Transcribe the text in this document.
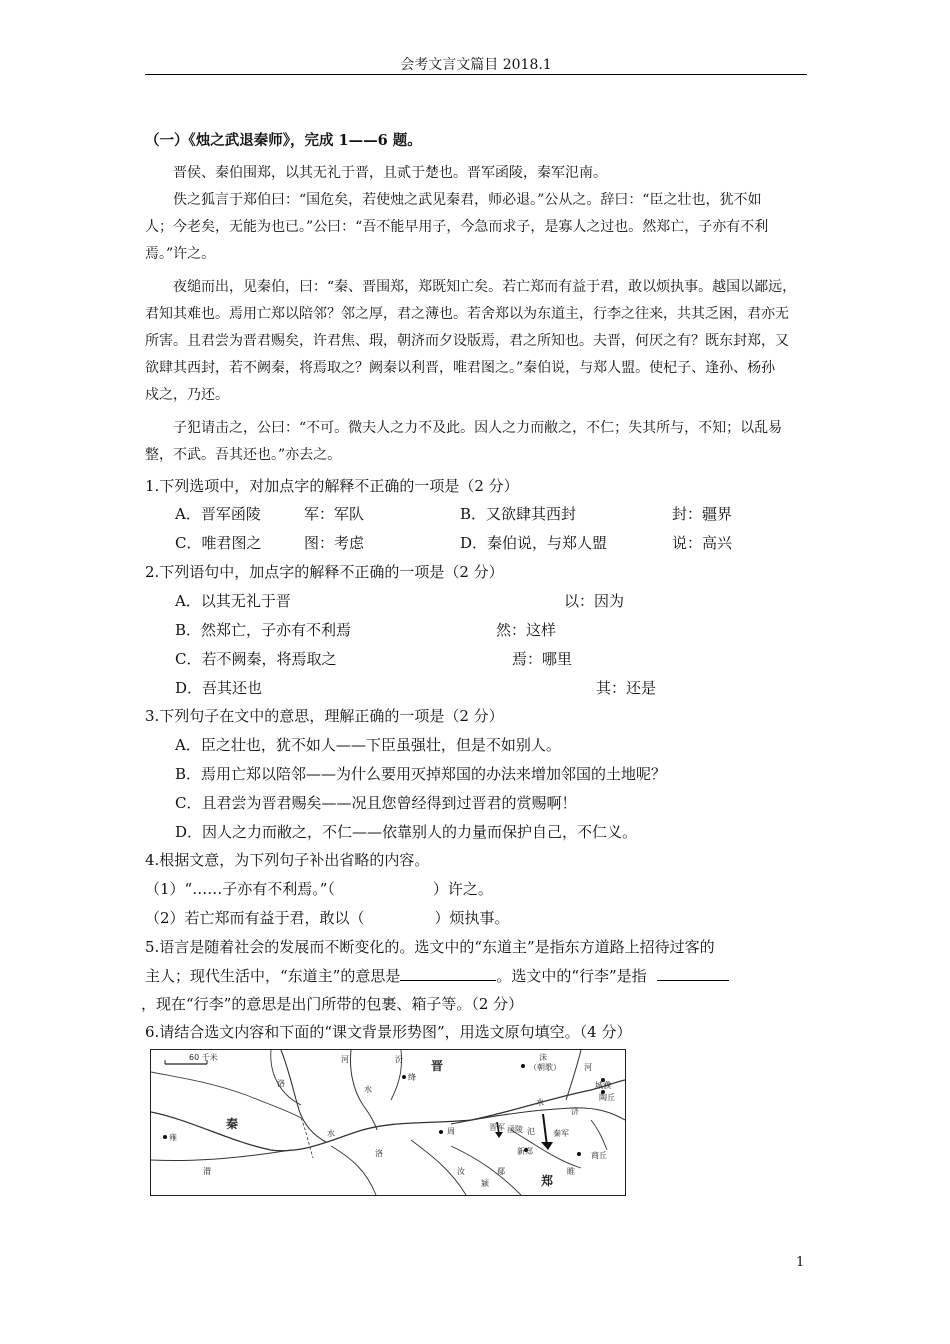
会考文言文篇目 2018.1
（一）《烛之武退秦师》，完成 1——6 题。
晋侯、秦伯围郑，以其无礼于晋，且贰于楚也。晋军函陵，秦军氾南。
佚之狐言于郑伯曰：“国危矣，若使烛之武见秦君，师必退。”公从之。辞曰：“臣之壮也，犹不如
人；今老矣，无能为也已。”公曰：“吾不能早用子，今急而求子，是寡人之过也。然郑亡，子亦有不利
焉。”许之。
夜缒而出，见秦伯，曰：“秦、晋围郑，郑既知亡矣。若亡郑而有益于君，敢以烦执事。越国以鄙远，
君知其难也。焉用亡郑以陪邻？邻之厚，君之薄也。若舍郑以为东道主，行李之往来，共其乏困，君亦无
所害。且君尝为晋君赐矣，许君焦、瑕，朝济而夕设版焉，君之所知也。夫晋，何厌之有？既东封郑，又
欲肆其西封，若不阙秦，将焉取之？阙秦以利晋，唯君图之。”秦伯说，与郑人盟。使杞子、逢孙、杨孙
戍之，乃还。
子犯请击之，公曰：“不可。微夫人之力不及此。因人之力而敝之，不仁；失其所与，不知；以乱易
整，不武。吾其还也。”亦去之。
1.下列选项中，对加点字的解释不正确的一项是（2 分）
A．晋军函陵	军：军队	B．又欲肆其西封	封：疆界
C．唯君图之	图：考虑	D．秦伯说，与郑人盟	说：高兴
2.下列语句中，加点字的解释不正确的一项是（2 分）
A．以其无礼于晋	以：因为
B．然郑亡，子亦有不利焉	然：这样
C．若不阙秦，将焉取之	焉：哪里
D．吾其还也	其：还是
3.下列句子在文中的意思，理解正确的一项是（2 分）
A．臣之壮也，犹不如人——下臣虽强壮，但是不如别人。
B．焉用亡郑以陪邻——为什么要用灭掉郑国的办法来增加邻国的土地呢？
C．且君尝为晋君赐矣——况且您曾经得到过晋君的赏赐啊！
D．因人之力而敝之，不仁——依靠别人的力量而保护自己，不仁义。
4.根据文意，为下列句子补出省略的内容。
（1）“……子亦有不利焉。”（	）许之。
（2）若亡郑而有益于君，敢以（	）烦执事。
5.语言是随着社会的发展而不断变化的。选文中的“东道主”是指东方道路上招待过客的
主人；现代生活中，“东道主”的意思是	。选文中的“行李”是指
，现在“行李”的意思是出门所带的包裹、箱子等。（2 分）
6.请结合选文内容和下面的“课文背景形势图”，用选文原句填空。（4 分）
60 千米
晋
秦
郑
河	汾
绛
沫
（朝歌）	河
洛
水
水
水
雍
渭
济
城濮
陶丘
商丘
周	晋军 函陵 氾
新郑
秦军
鄢
汝
洛
颍
睢
1
